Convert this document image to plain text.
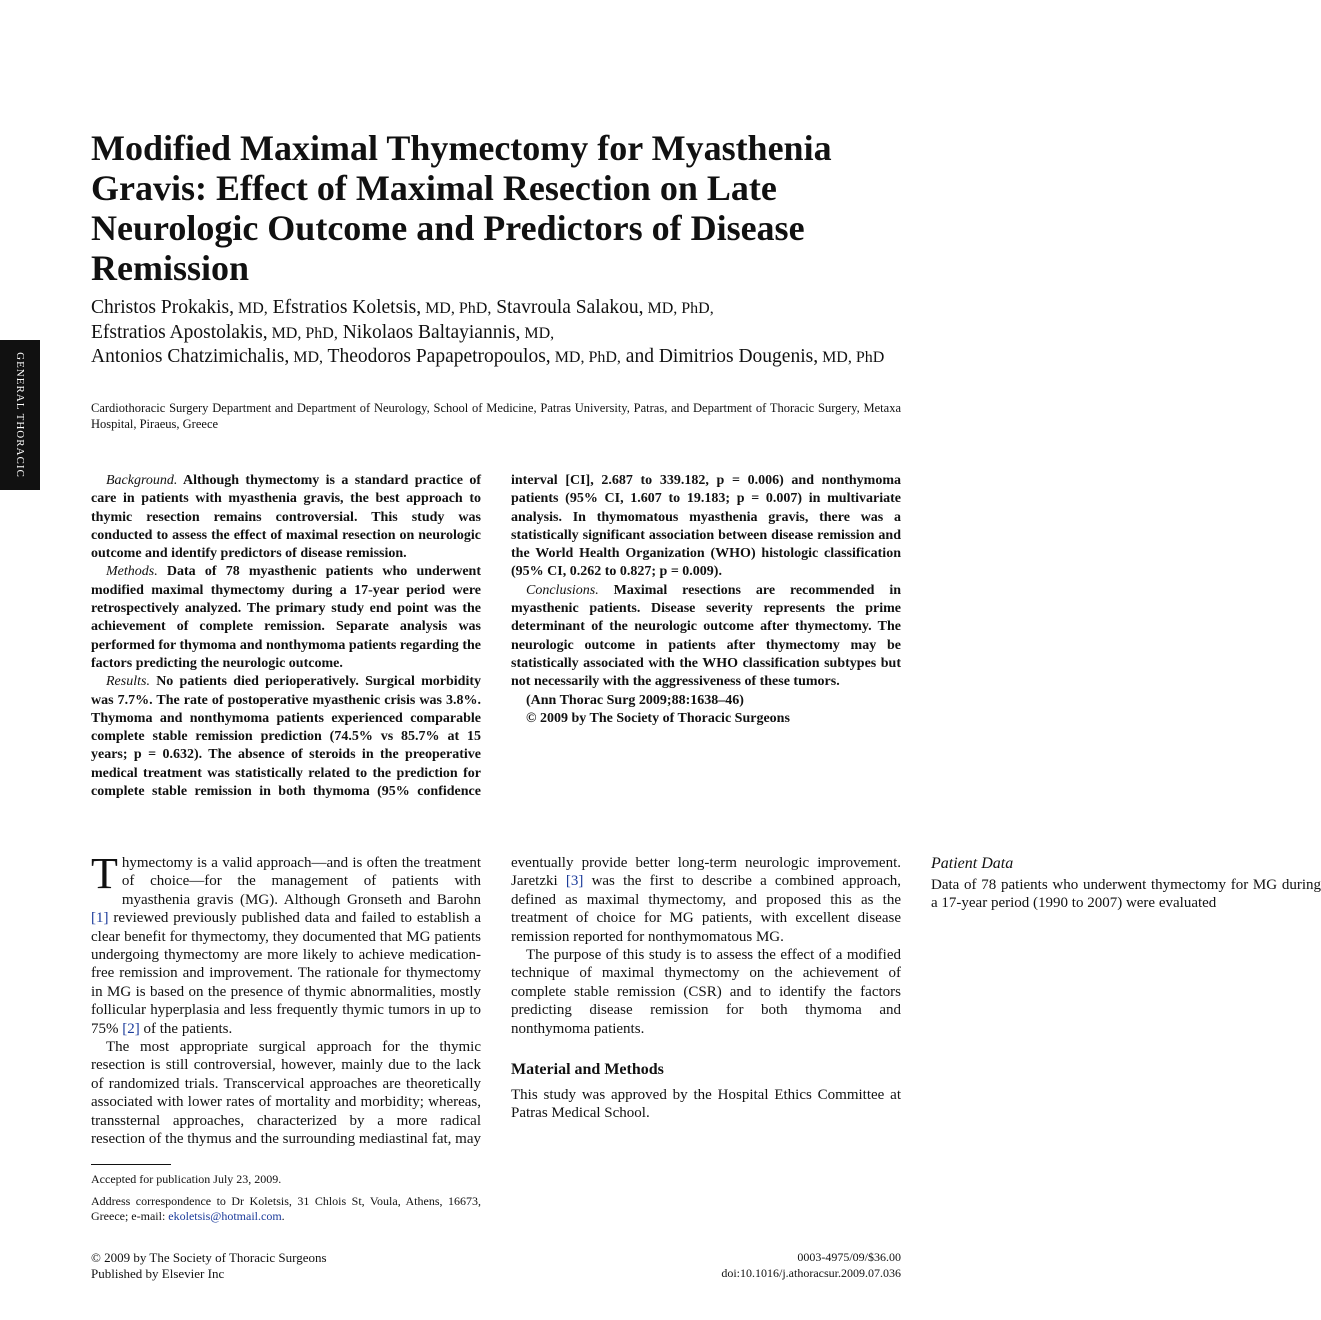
GENERAL THORACIC
Modified Maximal Thymectomy for Myasthenia Gravis: Effect of Maximal Resection on Late Neurologic Outcome and Predictors of Disease Remission

Christos Prokakis, MD, Efstratios Koletsis, MD, PhD, Stavroula Salakou, MD, PhD,
Efstratios Apostolakis, MD, PhD, Nikolaos Baltayiannis, MD,
Antonios Chatzimichalis, MD, Theodoros Papapetropoulos, MD, PhD, and Dimitrios Dougenis, MD, PhD

Cardiothoracic Surgery Department and Department of Neurology, School of Medicine, Patras University, Patras, and Department of Thoracic Surgery, Metaxa Hospital, Piraeus, Greece

Background. Although thymectomy is a standard practice of care in patients with myasthenia gravis, the best approach to thymic resection remains controversial. This study was conducted to assess the effect of maximal resection on neurologic outcome and identify predictors of disease remission.

Methods. Data of 78 myasthenic patients who underwent modified maximal thymectomy during a 17-year period were retrospectively analyzed. The primary study end point was the achievement of complete remission. Separate analysis was performed for thymoma and nonthymoma patients regarding the factors predicting the neurologic outcome.

Results. No patients died perioperatively. Surgical morbidity was 7.7%. The rate of postoperative myasthenic crisis was 3.8%. Thymoma and nonthymoma patients experienced comparable complete stable remission prediction (74.5% vs 85.7% at 15 years; p = 0.632). The absence of steroids in the preoperative medical treatment was statistically related to the prediction for complete stable remission in both thymoma (95% confidence interval [CI], 2.687 to 339.182, p = 0.006) and nonthymoma patients (95% CI, 1.607 to 19.183; p = 0.007) in multivariate analysis. In thymomatous myasthenia gravis, there was a statistically significant association between disease remission and the World Health Organization (WHO) histologic classification (95% CI, 0.262 to 0.827; p = 0.009).

Conclusions. Maximal resections are recommended in myasthenic patients. Disease severity represents the prime determinant of the neurologic outcome after thymectomy. The neurologic outcome in patients after thymectomy may be statistically associated with the WHO classification subtypes but not necessarily with the aggressiveness of these tumors.

(Ann Thorac Surg 2009;88:1638–46)

© 2009 by The Society of Thoracic Surgeons

Thymectomy is a valid approach—and is often the treatment of choice—for the management of patients with myasthenia gravis (MG). Although Gronseth and Barohn [1] reviewed previously published data and failed to establish a clear benefit for thymectomy, they documented that MG patients undergoing thymectomy are more likely to achieve medication-free remission and improvement. The rationale for thymectomy in MG is based on the presence of thymic abnormalities, mostly follicular hyperplasia and less frequently thymic tumors in up to 75% [2] of the patients.

The most appropriate surgical approach for the thymic resection is still controversial, however, mainly due to the lack of randomized trials. Transcervical approaches are theoretically associated with lower rates of mortality and morbidity; whereas, transsternal approaches, characterized by a more radical resection of the thymus and the surrounding mediastinal fat, may eventually provide better long-term neurologic improvement. Jaretzki [3] was the first to describe a combined approach, defined as maximal thymectomy, and proposed this as the treatment of choice for MG patients, with excellent disease remission reported for nonthymomatous MG.

The purpose of this study is to assess the effect of a modified technique of maximal thymectomy on the achievement of complete stable remission (CSR) and to identify the factors predicting disease remission for both thymoma and nonthymoma patients.

Material and Methods

This study was approved by the Hospital Ethics Committee at Patras Medical School.

Patient Data

Data of 78 patients who underwent thymectomy for MG during a 17-year period (1990 to 2007) were evaluated

Accepted for publication July 23, 2009.

Address correspondence to Dr Koletsis, 31 Chlois St, Voula, Athens, 16673, Greece; e-mail: ekoletsis@hotmail.com.

© 2009 by The Society of Thoracic Surgeons
Published by Elsevier Inc
0003-4975/09/$36.00
doi:10.1016/j.athoracsur.2009.07.036
